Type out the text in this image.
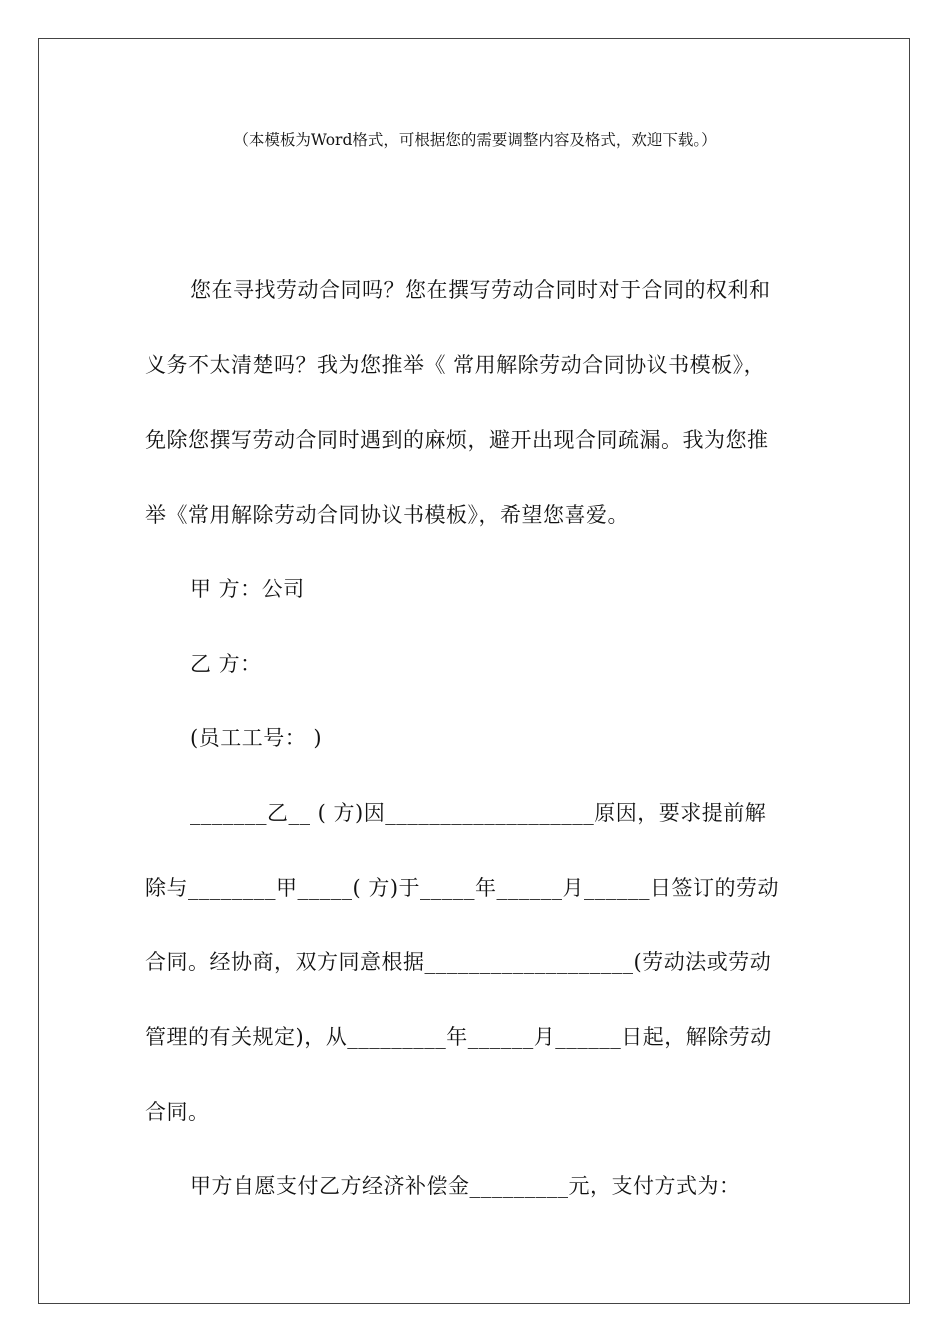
（本模板为Word格式，可根据您的需要调整内容及格式，欢迎下载。）
您在寻找劳动合同吗？您在撰写劳动合同时对于合同的权利和
义务不太清楚吗？我为您推举《 常用解除劳动合同协议书模板》，
免除您撰写劳动合同时遇到的麻烦，避开出现合同疏漏。我为您推
举《常用解除劳动合同协议书模板》，希望您喜爱。
甲 方：公司
乙 方：
(员工工号： )
_______乙__ ( 方)因___________________原因，要求提前解
除与________甲_____( 方)于_____年______月______日签订的劳动
合同。经协商，双方同意根据___________________(劳动法或劳动
管理的有关规定)，从_________年______月______日起，解除劳动
合同。
甲方自愿支付乙方经济补偿金_________元，支付方式为：
